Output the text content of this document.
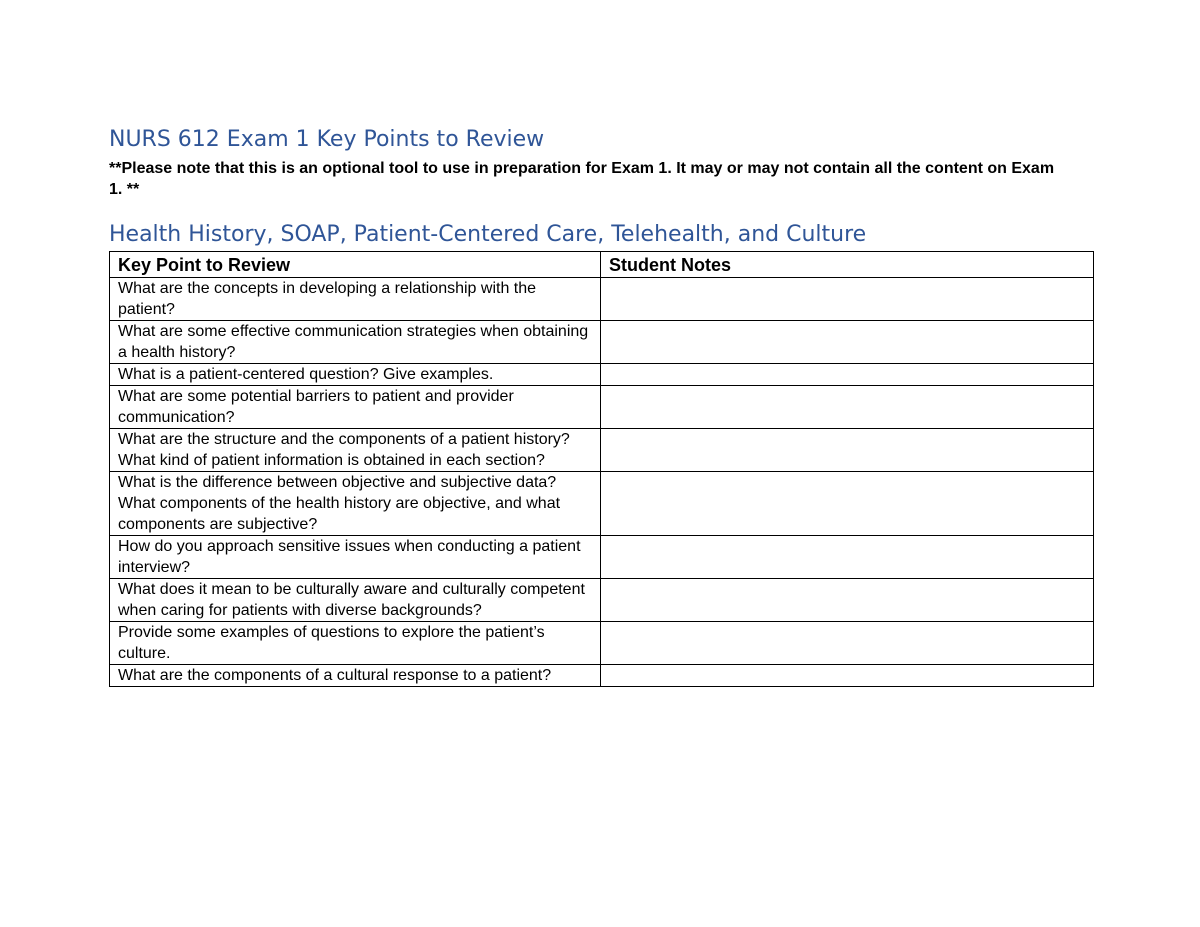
NURS 612 Exam 1 Key Points to Review

**Please note that this is an optional tool to use in preparation for Exam 1. It may or may not contain all the content on Exam 1. **

Health History, SOAP, Patient-Centered Care, Telehealth, and Culture
Key Point to Review	Student Notes
What are the concepts in developing a relationship with the patient?	
What are some effective communication strategies when obtaining a health history?	
What is a patient-centered question? Give examples.	
What are some potential barriers to patient and provider communication?	
What are the structure and the components of a patient history? What kind of patient information is obtained in each section?	
What is the difference between objective and subjective data? What components of the health history are objective, and what components are subjective?	
How do you approach sensitive issues when conducting a patient interview?	
What does it mean to be culturally aware and culturally competent when caring for patients with diverse backgrounds?	
Provide some examples of questions to explore the patient’s culture.	
What are the components of a cultural response to a patient?	
